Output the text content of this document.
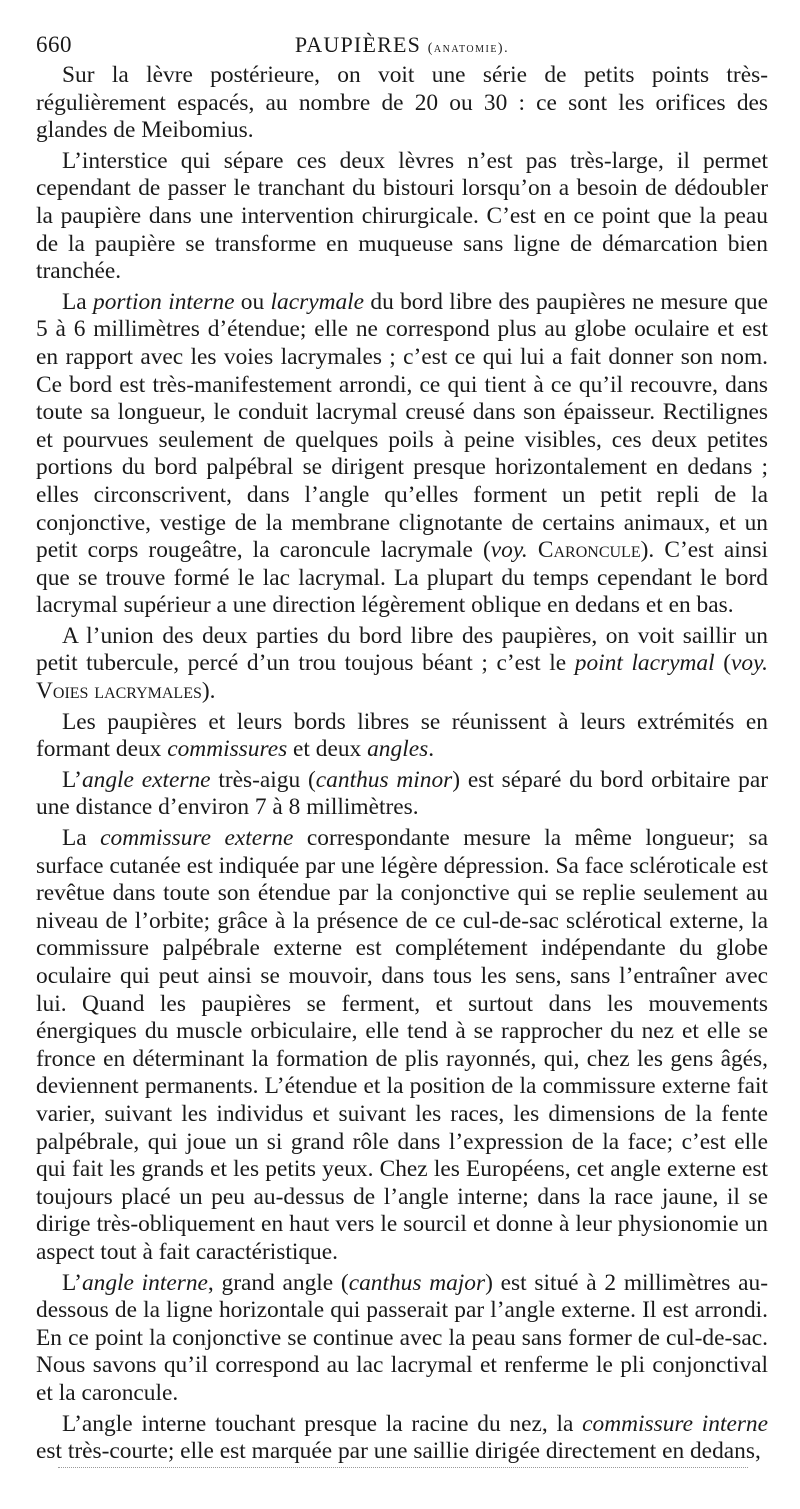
660	PAUPIÈRES (anatomie).

Sur la lèvre postérieure, on voit une série de petits points très-régulièrement espacés, au nombre de 20 ou 30 : ce sont les orifices des glandes de Meibomius.

L’interstice qui sépare ces deux lèvres n’est pas très-large, il permet cependant de passer le tranchant du bistouri lorsqu’on a besoin de dédoubler la paupière dans une intervention chirurgicale. C’est en ce point que la peau de la paupière se transforme en muqueuse sans ligne de démarcation bien tranchée.

La portion interne ou lacrymale du bord libre des paupières ne mesure que 5 à 6 millimètres d’étendue; elle ne correspond plus au globe oculaire et est en rapport avec les voies lacrymales ; c’est ce qui lui a fait donner son nom. Ce bord est très-manifestement arrondi, ce qui tient à ce qu’il recouvre, dans toute sa longueur, le conduit lacrymal creusé dans son épaisseur. Rectilignes et pourvues seulement de quelques poils à peine visibles, ces deux petites portions du bord palpébral se dirigent presque horizontalement en dedans ; elles circonscrivent, dans l’angle qu’elles forment un petit repli de la conjonctive, vestige de la membrane clignotante de certains animaux, et un petit corps rougeâtre, la caroncule lacrymale (voy. Caroncule). C’est ainsi que se trouve formé le lac lacrymal. La plupart du temps cependant le bord lacrymal supérieur a une direction légèrement oblique en dedans et en bas.

A l’union des deux parties du bord libre des paupières, on voit saillir un petit tubercule, percé d’un trou toujous béant ; c’est le point lacrymal (voy. Voies lacrymales).

Les paupières et leurs bords libres se réunissent à leurs extrémités en formant deux commissures et deux angles.

L’angle externe très-aigu (canthus minor) est séparé du bord orbitaire par une distance d’environ 7 à 8 millimètres.

La commissure externe correspondante mesure la même longueur; sa surface cutanée est indiquée par une légère dépression. Sa face scléroticale est revêtue dans toute son étendue par la conjonctive qui se replie seulement au niveau de l’orbite; grâce à la présence de ce cul-de-sac sclérotical externe, la commissure palpébrale externe est complétement indépendante du globe oculaire qui peut ainsi se mouvoir, dans tous les sens, sans l’entraîner avec lui. Quand les paupières se ferment, et surtout dans les mouvements énergiques du muscle orbiculaire, elle tend à se rapprocher du nez et elle se fronce en déterminant la formation de plis rayonnés, qui, chez les gens âgés, deviennent permanents. L’étendue et la position de la commissure externe fait varier, suivant les individus et suivant les races, les dimensions de la fente palpébrale, qui joue un si grand rôle dans l’expression de la face; c’est elle qui fait les grands et les petits yeux. Chez les Européens, cet angle externe est toujours placé un peu au-dessus de l’angle interne; dans la race jaune, il se dirige très-obliquement en haut vers le sourcil et donne à leur physionomie un aspect tout à fait caractéristique.

L’angle interne, grand angle (canthus major) est situé à 2 millimètres au-dessous de la ligne horizontale qui passerait par l’angle externe. Il est arrondi. En ce point la conjonctive se continue avec la peau sans former de cul-de-sac. Nous savons qu’il correspond au lac lacrymal et renferme le pli conjonctival et la caroncule.

L’angle interne touchant presque la racine du nez, la commissure interne est très-courte; elle est marquée par une saillie dirigée directement en dedans,
